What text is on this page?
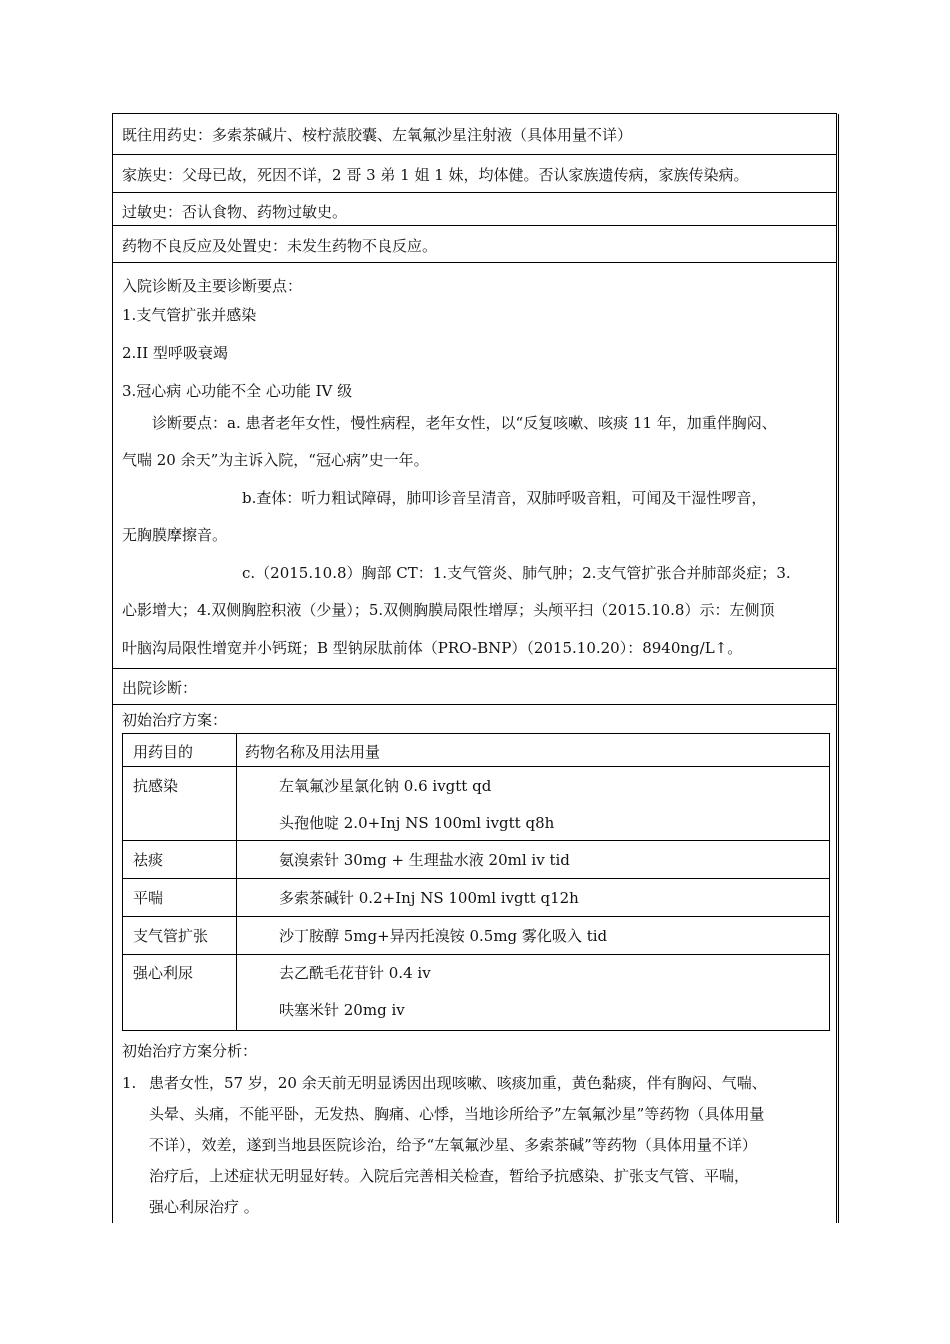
既往用药史：多索茶碱片、桉柠蒎胶囊、左氧氟沙星注射液（具体用量不详）
家族史：父母已故，死因不详，2 哥 3 弟 1 姐 1 妹，均体健。否认家族遗传病，家族传染病。
过敏史：否认食物、药物过敏史。
药物不良反应及处置史：未发生药物不良反应。
入院诊断及主要诊断要点：
1.支气管扩张并感染
2.II 型呼吸衰竭
3.冠心病 心功能不全 心功能 IV 级
诊断要点：a. 患者老年女性，慢性病程，老年女性，以“反复咳嗽、咳痰 11 年，加重伴胸闷、
气喘 20 余天”为主诉入院，“冠心病”史一年。
b.查体：听力粗试障碍，肺叩诊音呈清音，双肺呼吸音粗，可闻及干湿性啰音，
无胸膜摩擦音。
c.（2015.10.8）胸部 CT：1.支气管炎、肺气肿；2.支气管扩张合并肺部炎症；3.
心影增大；4.双侧胸腔积液（少量）；5.双侧胸膜局限性增厚；头颅平扫（2015.10.8）示：左侧顶
叶脑沟局限性增宽并小钙斑；B 型钠尿肽前体（PRO-BNP）（2015.10.20）：8940ng/L↑。
出院诊断：
初始治疗方案：
用药目的	药物名称及用法用量
抗感染	左氧氟沙星氯化钠 0.6 ivgtt qd
头孢他啶 2.0+Inj NS 100ml ivgtt q8h
祛痰	氨溴索针 30mg + 生理盐水液 20ml iv tid
平喘	多索茶碱针 0.2+Inj NS 100ml ivgtt q12h
支气管扩张	沙丁胺醇 5mg+异丙托溴铵 0.5mg 雾化吸入 tid
强心利尿	去乙酰毛花苷针 0.4 iv
呋塞米针 20mg iv
初始治疗方案分析：
1. 患者女性，57 岁，20 余天前无明显诱因出现咳嗽、咳痰加重，黄色黏痰，伴有胸闷、气喘、
头晕、头痛，不能平卧，无发热、胸痛、心悸，当地诊所给予”左氧氟沙星”等药物（具体用量
不详），效差，遂到当地县医院诊治，给予“左氧氟沙星、多索茶碱”等药物（具体用量不详）
治疗后，上述症状无明显好转。入院后完善相关检查，暂给予抗感染、扩张支气管、平喘，
强心利尿治疗 。
